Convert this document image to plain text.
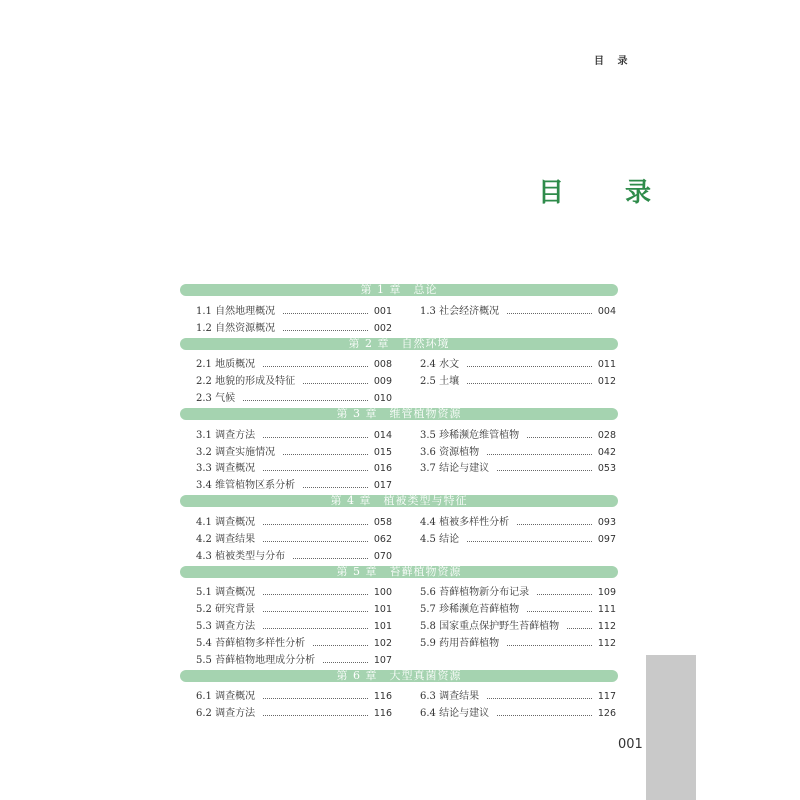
目 录
目 录
第 1 章　总论
1.1 自然地理概况	001
1.2 自然资源概况	002
1.3 社会经济概况	004
第 2 章　自然环境
2.1 地质概况	008
2.2 地貌的形成及特征	009
2.3 气候	010
2.4 水文	011
2.5 土壤	012
第 3 章　维管植物资源
3.1 调查方法	014
3.2 调查实施情况	015
3.3 调查概况	016
3.4 维管植物区系分析	017
3.5 珍稀濒危维管植物	028
3.6 资源植物	042
3.7 结论与建议	053
第 4 章　植被类型与特征
4.1 调查概况	058
4.2 调查结果	062
4.3 植被类型与分布	070
4.4 植被多样性分析	093
4.5 结论	097
第 5 章　苔藓植物资源
5.1 调查概况	100
5.2 研究背景	101
5.3 调查方法	101
5.4 苔藓植物多样性分析	102
5.5 苔藓植物地理成分分析	107
5.6 苔藓植物新分布记录	109
5.7 珍稀濒危苔藓植物	111
5.8 国家重点保护野生苔藓植物	112
5.9 药用苔藓植物	112
第 6 章　大型真菌资源
6.1 调查概况	116
6.2 调查方法	116
6.3 调查结果	117
6.4 结论与建议	126
001
